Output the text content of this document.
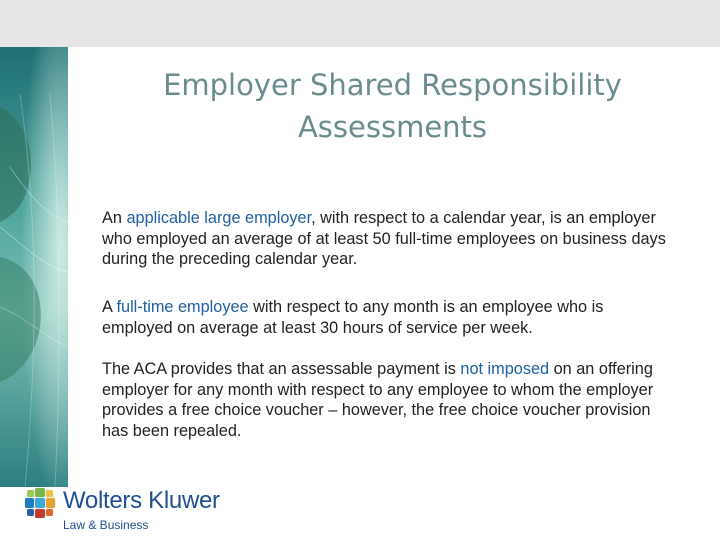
Employer Shared Responsibility
Assessments

An applicable large employer, with respect to a calendar year, is an employer who employed an average of at least 50 full-time employees on business days during the preceding calendar year.

A full-time employee with respect to any month is an employee who is employed on average at least 30 hours of service per week.

The ACA provides that an assessable payment is not imposed on an offering employer for any month with respect to any employee to whom the employer provides a free choice voucher – however, the free choice voucher provision has been repealed.

Wolters Kluwer
Law & Business
